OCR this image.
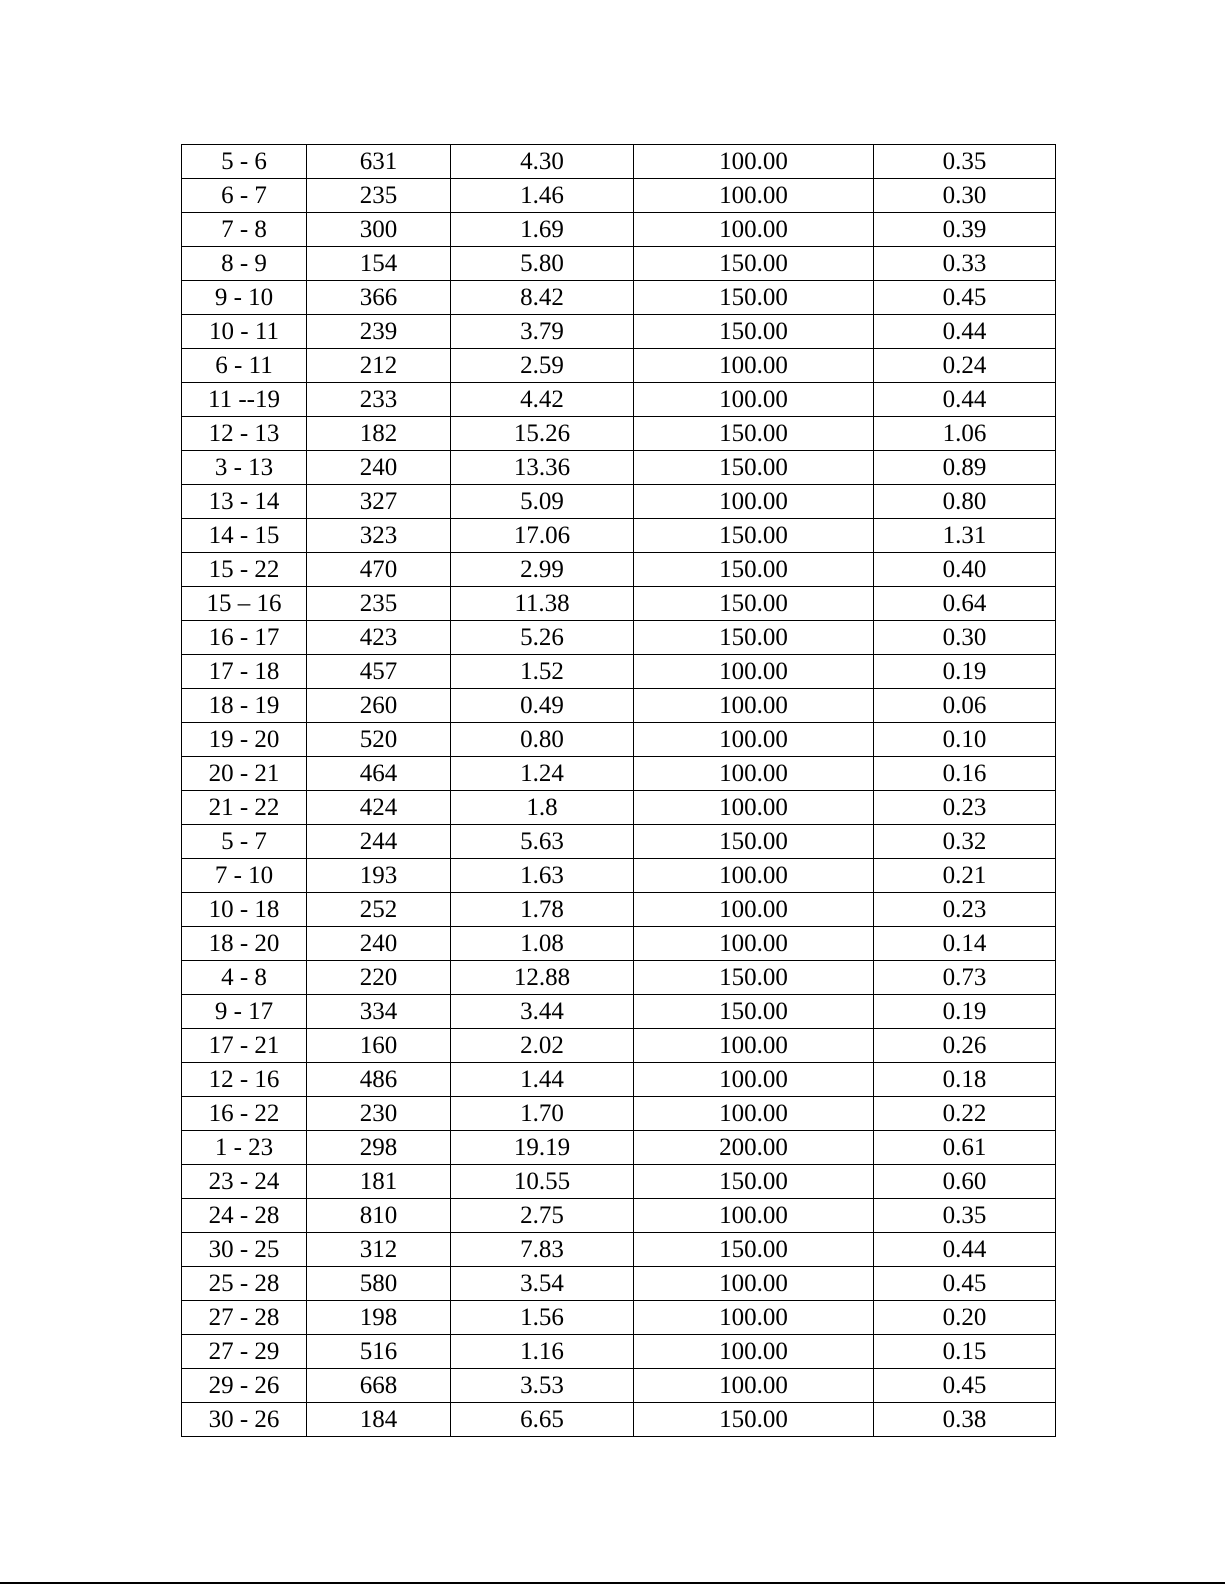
5 - 6	631	4.30	100.00	0.35
6 - 7	235	1.46	100.00	0.30
7 - 8	300	1.69	100.00	0.39
8 - 9	154	5.80	150.00	0.33
9 - 10	366	8.42	150.00	0.45
10 - 11	239	3.79	150.00	0.44
6 - 11	212	2.59	100.00	0.24
11 --19	233	4.42	100.00	0.44
12 - 13	182	15.26	150.00	1.06
3 - 13	240	13.36	150.00	0.89
13 - 14	327	5.09	100.00	0.80
14 - 15	323	17.06	150.00	1.31
15 - 22	470	2.99	150.00	0.40
15 – 16	235	11.38	150.00	0.64
16 - 17	423	5.26	150.00	0.30
17 - 18	457	1.52	100.00	0.19
18 - 19	260	0.49	100.00	0.06
19 - 20	520	0.80	100.00	0.10
20 - 21	464	1.24	100.00	0.16
21 - 22	424	1.8	100.00	0.23
5 - 7	244	5.63	150.00	0.32
7 - 10	193	1.63	100.00	0.21
10 - 18	252	1.78	100.00	0.23
18 - 20	240	1.08	100.00	0.14
4 - 8	220	12.88	150.00	0.73
9 - 17	334	3.44	150.00	0.19
17 - 21	160	2.02	100.00	0.26
12 - 16	486	1.44	100.00	0.18
16 - 22	230	1.70	100.00	0.22
1 - 23	298	19.19	200.00	0.61
23 - 24	181	10.55	150.00	0.60
24 - 28	810	2.75	100.00	0.35
30 - 25	312	7.83	150.00	0.44
25 - 28	580	3.54	100.00	0.45
27 - 28	198	1.56	100.00	0.20
27 - 29	516	1.16	100.00	0.15
29 - 26	668	3.53	100.00	0.45
30 - 26	184	6.65	150.00	0.38
